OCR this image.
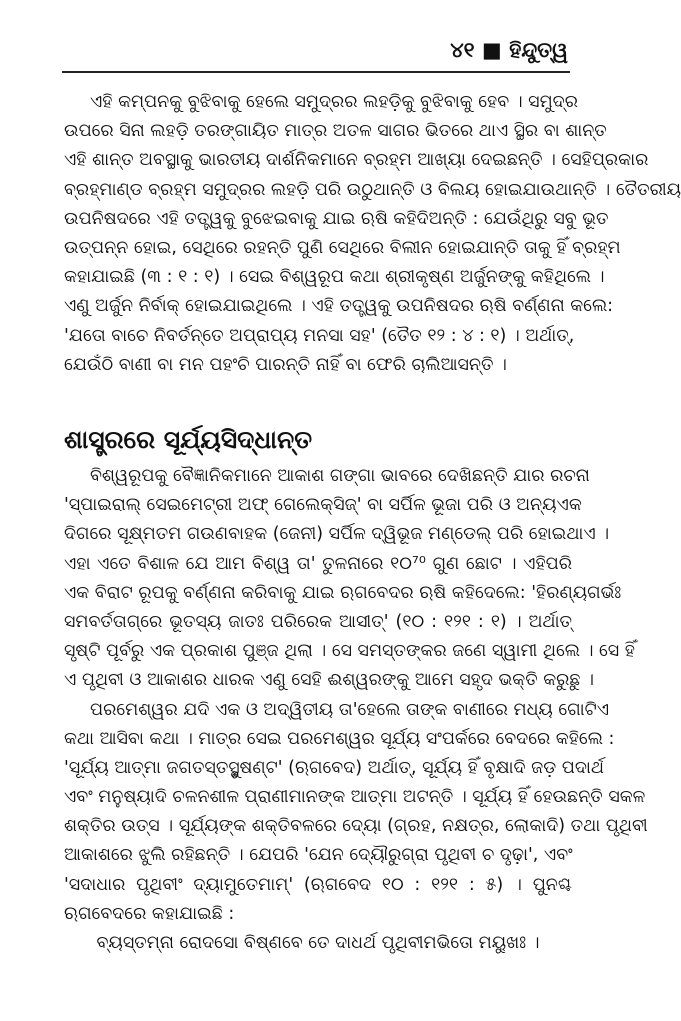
୪୧ ■ ହିନ୍ଦୁତ୍ୱ
ଏହି କମ୍ପନକୁ ବୁଝିବାକୁ ହେଲେ ସମୁଦ୍ରର ଲହଡ଼ିକୁ ବୁଝିବାକୁ ହେବ । ସମୁଦ୍ର
ଉପରେ ସିନା ଲହଡ଼ି ତରଙ୍ଗାୟିତ ମାତ୍ର ଅତଳ ସାଗର ଭିତରେ ଥାଏ ସ୍ଥିର ବା ଶାନ୍ତ
ଏହି ଶାନ୍ତ ଅବସ୍ଥାକୁ ଭାରତୀୟ ଦାର୍ଶନିକମାନେ ବ୍ରହ୍ମ ଆଖ୍ୟା ଦେଇଛନ୍ତି । ସେହିପ୍ରକାର
ବ୍ରହ୍ମାଣ୍ଡ ବ୍ରହ୍ମ ସମୁଦ୍ରର ଲହଡ଼ି ପରି ଉଠୁଥାନ୍ତି ଓ ବିଲୟ ହୋଇଯାଉଥାନ୍ତି । ତୈତରୀୟ
ଉପନିଷଦରେ ଏହି ତତ୍ତ୍ୱକୁ ବୁଝେଇବାକୁ ଯାଇ ଋଷି କହିଦିଅନ୍ତି : ଯେଉଁଥିରୁ ସବୁ ଭୂତ
ଉତ୍ପନ୍ନ ହୋଇ, ସେଥିରେ ରହନ୍ତି ପୁଣି ସେଥିରେ ବିଲୀନ ହୋଇଯାନ୍ତି ତାକୁ ହିଁ ବ୍ରହ୍ମ
କହାଯାଇଛି (୩ : ୧ : ୧) । ସେଇ ବିଶ୍ୱରୂପ କଥା ଶ୍ରୀକୃଷ୍ଣ ଅର୍ଜୁନଙ୍କୁ କହିଥିଲେ ।
ଏଣୁ ଅର୍ଜୁନ ନିର୍ବାକ୍ ହୋଇଯାଇଥିଲେ । ଏହି ତତ୍ତ୍ୱକୁ ଉପନିଷଦର ଋଷି ବର୍ଣ୍ଣନା କଲେ:
'ଯତୋ ବାଚେ ନିବର୍ତନ୍ତେ ଅପ୍ରାପ୍ୟ ମନସା ସହ' (ତୈତ ୧୨ : ୪ : ୧) । ଅର୍ଥାତ୍,
ଯେଉଁଠି ବାଣୀ ବା ମନ ପହଂଚି ପାରନ୍ତି ନାହିଁ ବା ଫେରି ଚାଲିଆସନ୍ତି ।
ଶାସ୍ତ୍ରରେ ସୂର୍ଯ୍ୟସିଦ୍ଧାନ୍ତ
ବିଶ୍ୱରୂପକୁ ବୈଜ୍ଞାନିକମାନେ ଆକାଶ ଗଙ୍ଗା ଭାବରେ ଦେଖିଛନ୍ତି ଯାର ରଚନା
'ସ୍ପାଇରାଲ୍ ସେଇମେଟ୍ରୀ ଅଫ୍ ଗେଲେକ୍ସିଜ୍' ବା ସର୍ପିଳ ଭୂଜା ପରି ଓ ଅନ୍ୟଏକ
ଦିଗରେ ସୂକ୍ଷ୍ମତମ ଗଉଣବାହକ (ଜେନୀ) ସର୍ପିଳ ଦ୍ୱିଭୂଜ ମଣ୍ଡେଲ୍ ପରି ହୋଇଥାଏ ।
ଏହା ଏତେ ବିଶାଳ ଯେ ଆମ ବିଶ୍ୱ ତା' ତୁଳନାରେ ୧୦⁷⁰ ଗୁଣ ଛୋଟ । ଏହିପରି
ଏକ ବିରାଟ ରୂପକୁ ବର୍ଣ୍ଣନା କରିବାକୁ ଯାଇ ଋଗବେଦର ଋଷି କହିଦେଲେ: 'ହିରଣ୍ୟଗର୍ଭଃ
ସମବର୍ତତାଗ୍ରେ ଭୂତସ୍ୟ ଜାତଃ ପରିରେକ ଆସୀତ୍' (୧୦ : ୧୨୧ : ୧) । ଅର୍ଥାତ୍
ସୃଷ୍ଟି ପୂର୍ବରୁ ଏକ ପ୍ରକାଶ ପୁଞ୍ଜ ଥିଲା । ସେ ସମସ୍ତଙ୍କର ଜଣେ ସ୍ୱାମୀ ଥିଲେ । ସେ ହିଁ
ଏ ପୃଥିବୀ ଓ ଆକାଶର ଧାରକ ଏଣୁ ସେହି ଈଶ୍ୱରଙ୍କୁ ଆମେ ସହୃଦ ଭକ୍ତି କରୁଛୁ ।
ପରମେଶ୍ୱର ଯଦି ଏକ ଓ ଅଦ୍ୱିତୀୟ ତା'ହେଲେ ତାଙ୍କ ବାଣୀରେ ମଧ୍ୟ ଗୋଟିଏ
କଥା ଆସିବା କଥା । ମାତ୍ର ସେଇ ପରମେଶ୍ୱର ସୂର୍ଯ୍ୟ ସଂପର୍କରେ ବେଦରେ କହିଲେ :
'ସୂର୍ଯ୍ୟ ଆତ୍ମା ଜଗତସ୍ତସ୍ଥୁଷଣ୍ଟ' (ଋଗବେଦ) ଅର୍ଥାତ୍, ସୂର୍ଯ୍ୟ ହିଁ ବୃକ୍ଷାଦି ଜଡ଼ ପଦାର୍ଥ
ଏବଂ ମନୁଷ୍ୟାଦି ଚଳନଶୀଳ ପ୍ରାଣୀମାନଙ୍କ ଆତ୍ମା ଅଟନ୍ତି । ସୂର୍ଯ୍ୟ ହିଁ ହେଉଛନ୍ତି ସକଳ
ଶକ୍ତିର ଉତ୍ସ । ସୂର୍ଯ୍ୟଙ୍କ ଶକ୍ତିବଳରେ ଦ୍ୟୋ (ଗ୍ରହ, ନକ୍ଷତ୍ର, ଲୋକାଦି) ତଥା ପୃଥିବୀ
ଆକାଶରେ ଝୁଲି ରହିଛନ୍ତି । ଯେପରି 'ଯେନ ଦ୍ୟୌରୁଗ୍ରା ପୃଥିବୀ ଚ ଦୃଢ଼ା', ଏବଂ
'ସଦାଧାର ପୃଥିବୀଂ ଦ୍ୟାମୁତେମାମ୍' (ଋଗବେଦ ୧୦ : ୧୨୧ : ୫) । ପୁନଶ୍ଚ
ଋଗବେଦରେ କହାଯାଇଛି :
ବ୍ୟସ୍ତମ୍ନା ରୋଦସୋ ବିଷ୍ଣବେ ତେ ଦାଧର୍ଥ ପୃଥିବୀମଭିତୋ ମୟୁଖଃ ।
